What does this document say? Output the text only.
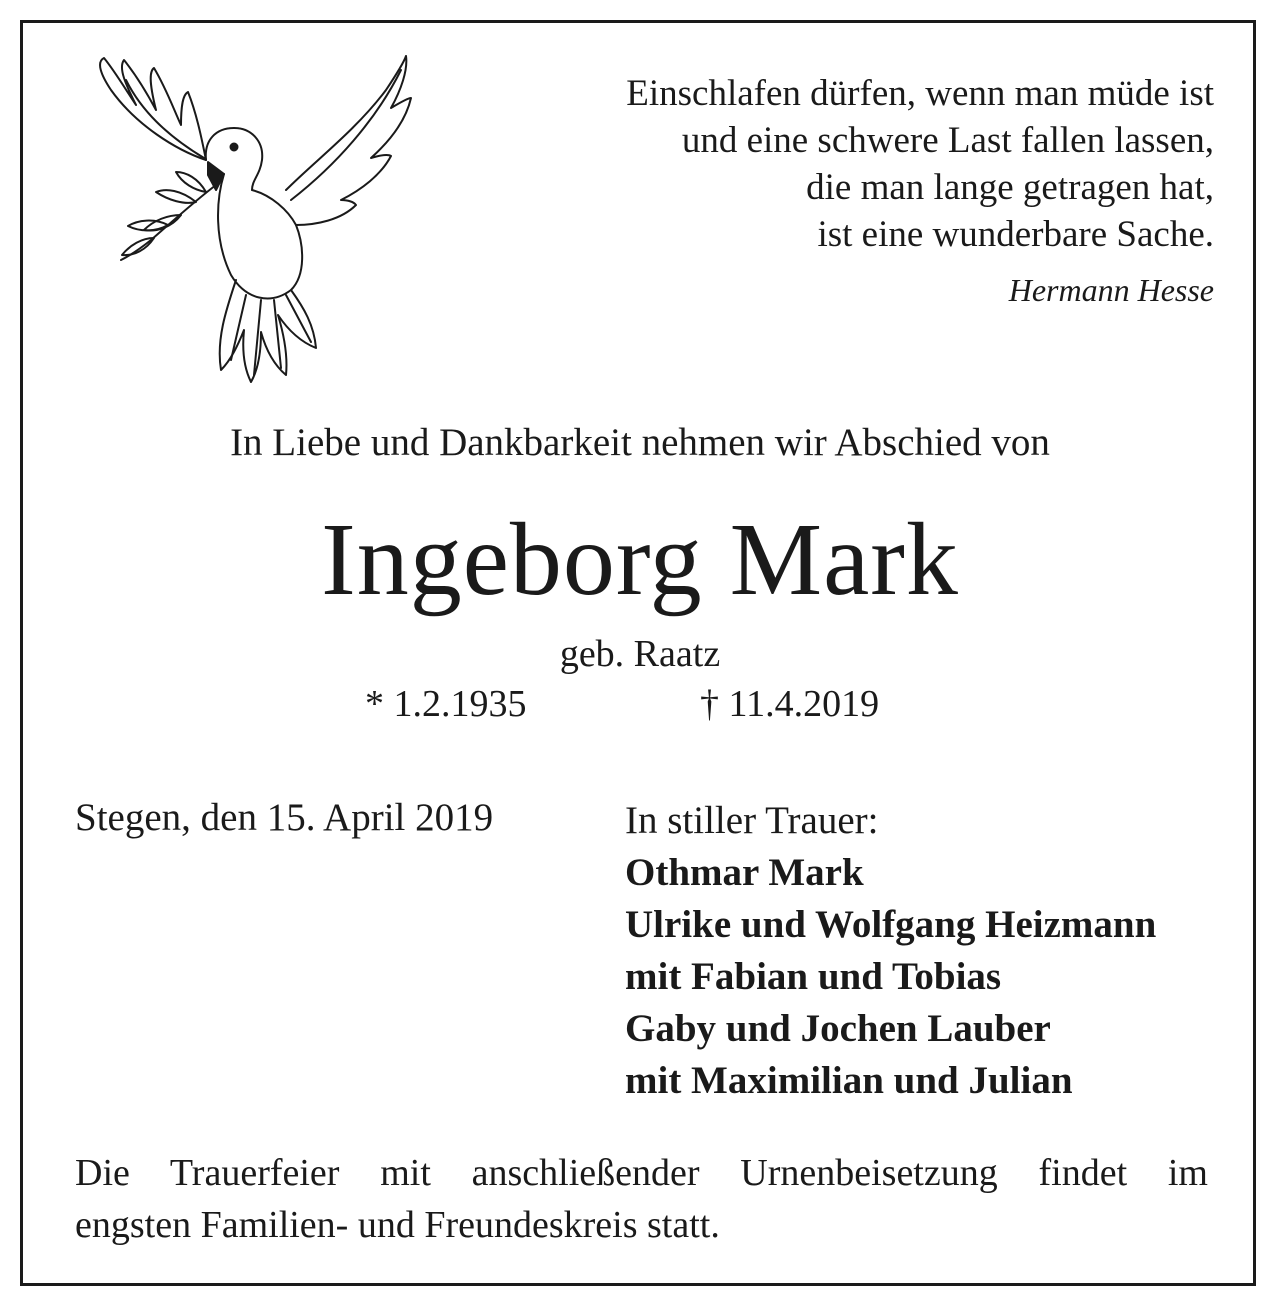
Einschlafen dürfen, wenn man müde ist
und eine schwere Last fallen lassen,
die man lange getragen hat,
ist eine wunderbare Sache.
Hermann Hesse
In Liebe und Dankbarkeit nehmen wir Abschied von
Ingeborg Mark
geb. Raatz
* 1.2.1935	† 11.4.2019
Stegen, den 15. April 2019	In stiller Trauer:
Othmar Mark
Ulrike und Wolfgang Heizmann
mit Fabian und Tobias
Gaby und Jochen Lauber
mit Maximilian und Julian
Die Trauerfeier mit anschließender Urnenbeisetzung findet im
engsten Familien- und Freundeskreis statt.
